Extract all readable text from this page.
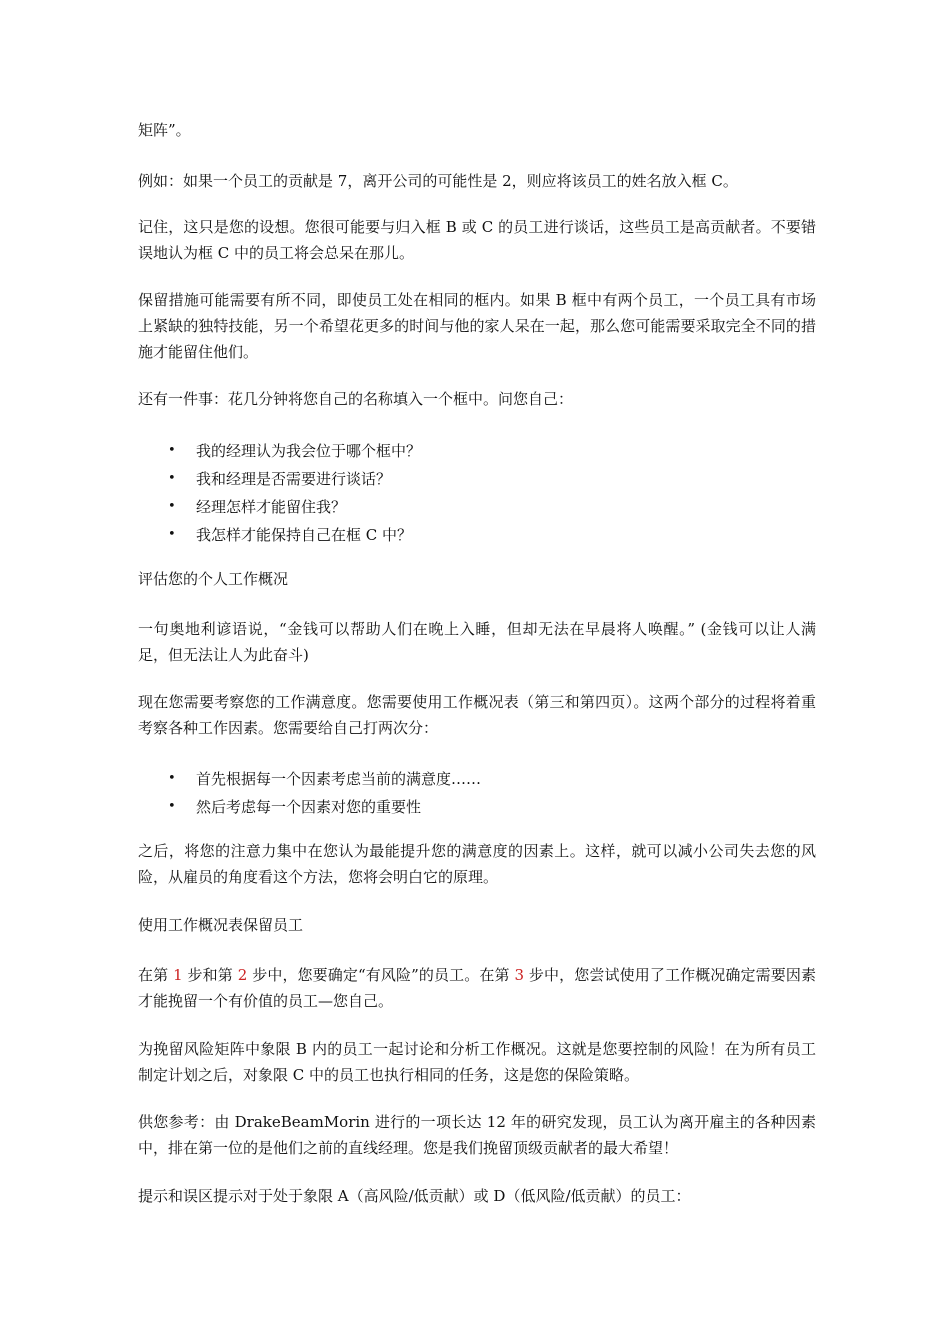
矩阵”。

例如：如果一个员工的贡献是 7，离开公司的可能性是 2，则应将该员工的姓名放入框 C。

记住，这只是您的设想。您很可能要与归入框 B 或 C 的员工进行谈话，这些员工是高贡献者。不要错误地认为框 C 中的员工将会总呆在那儿。

保留措施可能需要有所不同，即使员工处在相同的框内。如果 B 框中有两个员工，一个员工具有市场上紧缺的独特技能，另一个希望花更多的时间与他的家人呆在一起，那么您可能需要采取完全不同的措施才能留住他们。

还有一件事：花几分钟将您自己的名称填入一个框中。问您自己：

• 我的经理认为我会位于哪个框中？
• 我和经理是否需要进行谈话？
• 经理怎样才能留住我？
• 我怎样才能保持自己在框 C 中？

评估您的个人工作概况

一句奥地利谚语说，“金钱可以帮助人们在晚上入睡，但却无法在早晨将人唤醒。” (金钱可以让人满足，但无法让人为此奋斗)

现在您需要考察您的工作满意度。您需要使用工作概况表（第三和第四页）。这两个部分的过程将着重考察各种工作因素。您需要给自己打两次分：

• 首先根据每一个因素考虑当前的满意度……
• 然后考虑每一个因素对您的重要性

之后，将您的注意力集中在您认为最能提升您的满意度的因素上。这样，就可以减小公司失去您的风险，从雇员的角度看这个方法，您将会明白它的原理。

使用工作概况表保留员工

在第 1 步和第 2 步中，您要确定“有风险”的员工。在第 3 步中，您尝试使用了工作概况确定需要因素才能挽留一个有价值的员工—您自己。

为挽留风险矩阵中象限 B 内的员工一起讨论和分析工作概况。这就是您要控制的风险！在为所有员工制定计划之后，对象限 C 中的员工也执行相同的任务，这是您的保险策略。

供您参考：由 DrakeBeamMorin 进行的一项长达 12 年的研究发现，员工认为离开雇主的各种因素中，排在第一位的是他们之前的直线经理。您是我们挽留顶级贡献者的最大希望！

提示和误区提示对于处于象限 A（高风险/低贡献）或 D（低风险/低贡献）的员工：
